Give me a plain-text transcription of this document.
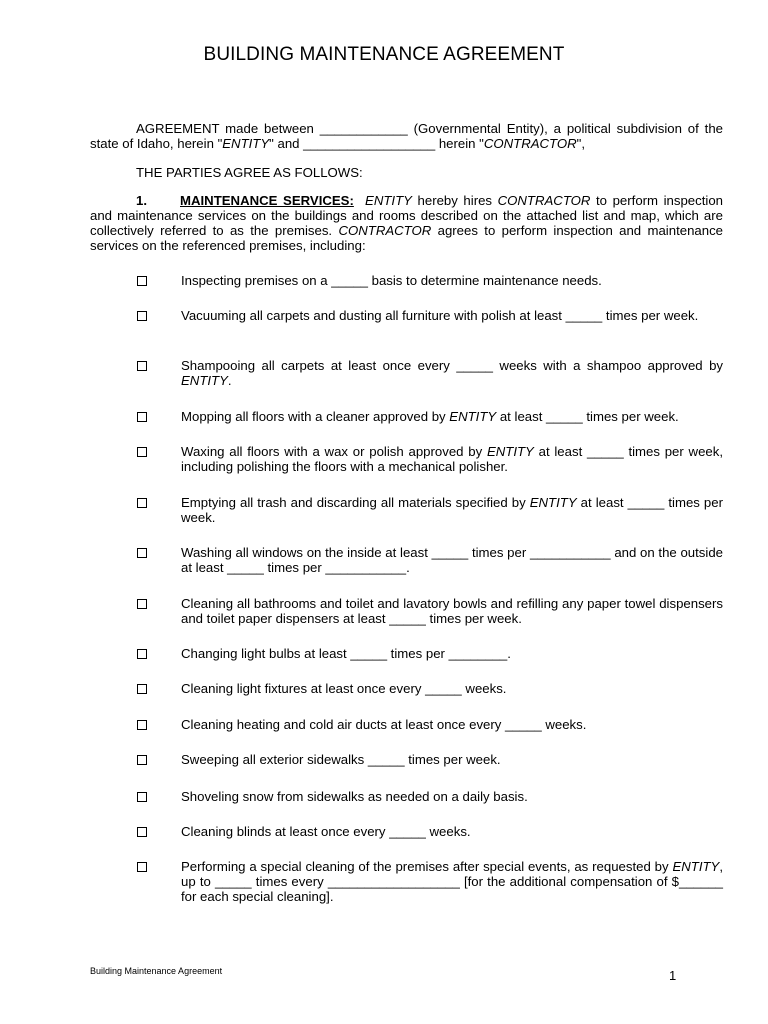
BUILDING MAINTENANCE AGREEMENT
AGREEMENT made between ____________ (Governmental Entity), a political subdivision of the state of Idaho, herein "ENTITY" and __________________ herein "CONTRACTOR",
THE PARTIES AGREE AS FOLLOWS:
1.	MAINTENANCE SERVICES: ENTITY hereby hires CONTRACTOR to perform inspection and maintenance services on the buildings and rooms described on the attached list and map, which are collectively referred to as the premises. CONTRACTOR agrees to perform inspection and maintenance services on the referenced premises, including:
Inspecting premises on a _____ basis to determine maintenance needs.
Vacuuming all carpets and dusting all furniture with polish at least _____ times per week.
Shampooing all carpets at least once every _____ weeks with a shampoo approved by ENTITY.
Mopping all floors with a cleaner approved by ENTITY at least _____ times per week.
Waxing all floors with a wax or polish approved by ENTITY at least _____ times per week, including polishing the floors with a mechanical polisher.
Emptying all trash and discarding all materials specified by ENTITY at least _____ times per week.
Washing all windows on the inside at least _____ times per ___________ and on the outside at least _____ times per ___________.
Cleaning all bathrooms and toilet and lavatory bowls and refilling any paper towel dispensers and toilet paper dispensers at least _____ times per week.
Changing light bulbs at least _____ times per ________.
Cleaning light fixtures at least once every _____ weeks.
Cleaning heating and cold air ducts at least once every _____ weeks.
Sweeping all exterior sidewalks _____ times per week.
Shoveling snow from sidewalks as needed on a daily basis.
Cleaning blinds at least once every _____ weeks.
Performing a special cleaning of the premises after special events, as requested by ENTITY, up to _____ times every __________________ [for the additional compensation of $______ for each special cleaning].
Building Maintenance Agreement	1
